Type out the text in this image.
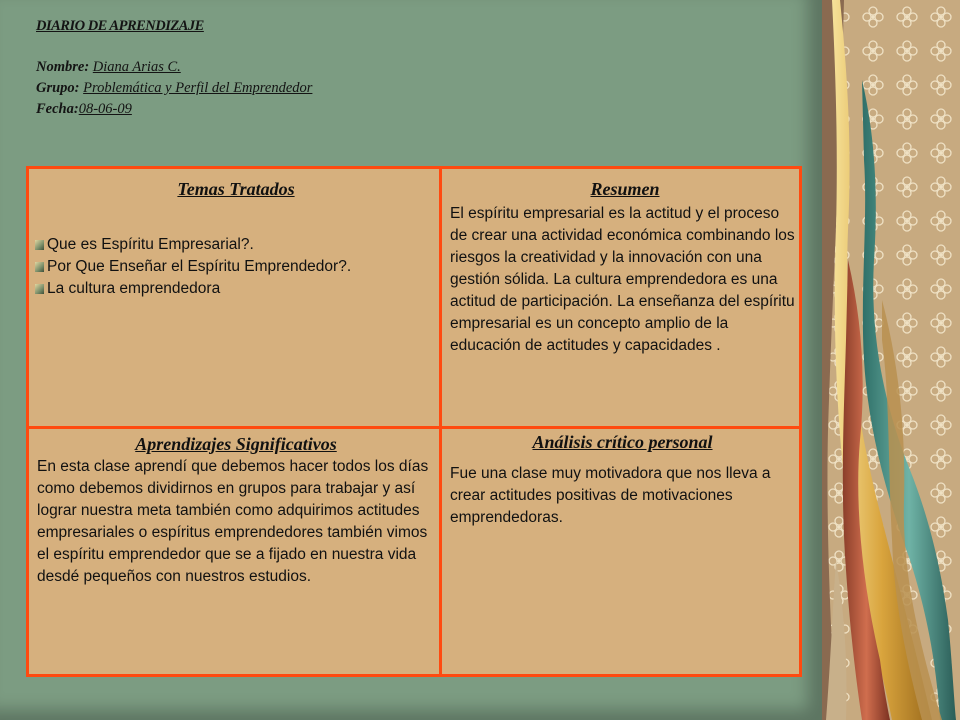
DIARIO DE APRENDIZAJE
Nombre: Diana Arias C.
Grupo: Problemática y Perfil del Emprendedor
Fecha:08-06-09
Temas Tratados
Que es Espíritu Empresarial?.
Por Que Enseñar el Espíritu Emprendedor?.
La cultura emprendedora
Resumen
El espíritu empresarial es la actitud y el proceso de crear una actividad económica combinando los riesgos la creatividad y la innovación con una gestión sólida. La cultura emprendedora es una actitud de participación. La enseñanza del espíritu empresarial es un concepto amplio de la educación de actitudes y capacidades .
Aprendizajes Significativos
En esta clase aprendí que debemos hacer todos los días como debemos dividirnos en grupos para trabajar y así lograr nuestra meta también como adquirimos actitudes empresariales o espíritus emprendedores también vimos el espíritu emprendedor que se a fijado en nuestra vida desdé pequeños con nuestros estudios.
Análisis crítico personal
Fue una clase muy motivadora que nos lleva a crear actitudes positivas de motivaciones emprendedoras.
